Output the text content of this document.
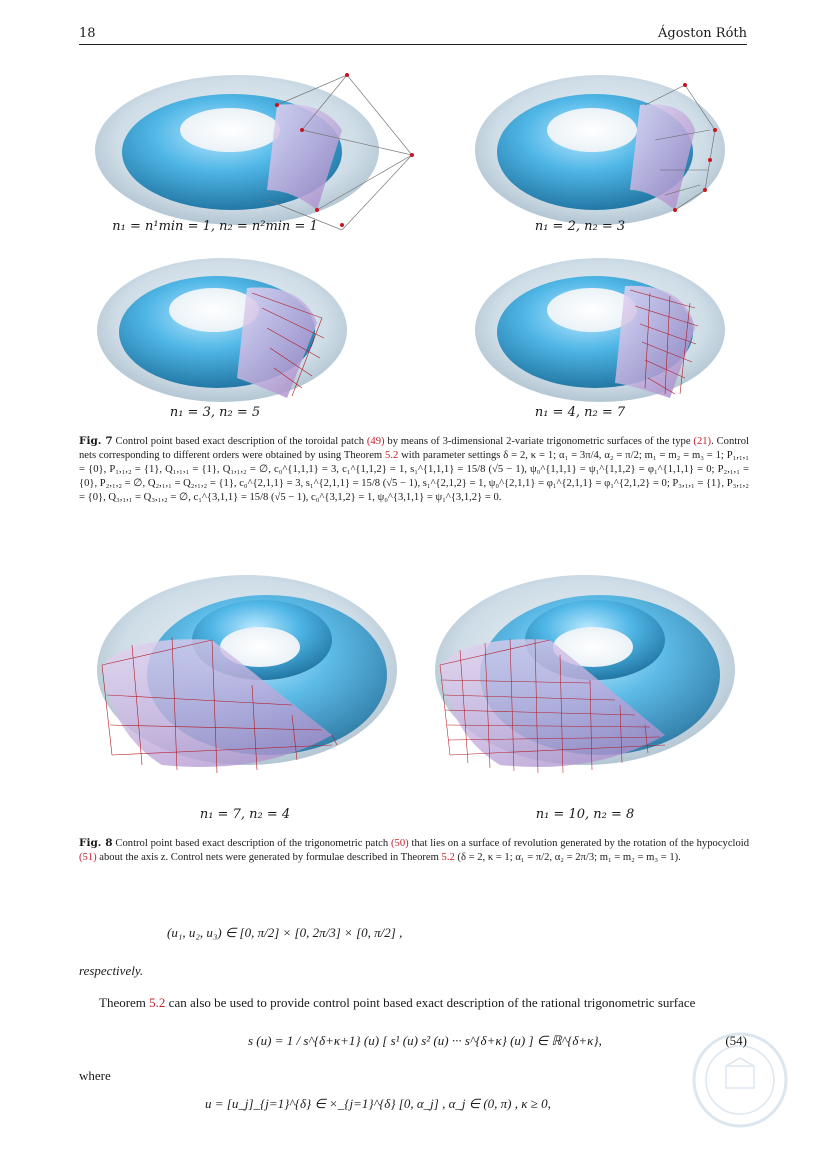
18	Ágoston Róth
n₁ = n¹min = 1, n₂ = n²min = 1	n₁ = 2, n₂ = 3
n₁ = 3, n₂ = 5	n₁ = 4, n₂ = 7
Fig. 7 Control point based exact description of the toroidal patch (49) by means of 3-dimensional 2-variate trigonometric surfaces of the type (21). Control nets corresponding to different orders were obtained by using Theorem 5.2 with parameter settings δ = 2, κ = 1; α₁ = 3π/4, α₂ = π/2; m₁ = m₂ = m₃ = 1; P₁,₁,₁ = {0}, P₁,₁,₂ = {1}, Q₁,₁,₁ = {1}, Q₁,₁,₂ = ∅, c₀^{1,1,1} = 3, c₁^{1,1,2} = 1, s₁^{1,1,1} = 15/8 (√5 − 1), ψ₀^{1,1,1} = ψ₁^{1,1,2} = φ₁^{1,1,1} = 0; P₂,₁,₁ = {0}, P₂,₁,₂ = ∅, Q₂,₁,₁ = Q₂,₁,₂ = {1}, c₀^{2,1,1} = 3, s₁^{2,1,1} = 15/8 (√5 − 1), s₁^{2,1,2} = 1, ψ₀^{2,1,1} = φ₁^{2,1,1} = φ₁^{2,1,2} = 0; P₃,₁,₁ = {1}, P₃,₁,₂ = {0}, Q₃,₁,₁ = Q₃,₁,₂ = ∅, c₁^{3,1,1} = 15/8 (√5 − 1), c₀^{3,1,2} = 1, ψ₀^{3,1,1} = ψ₁^{3,1,2} = 0.
n₁ = 7, n₂ = 4	n₁ = 10, n₂ = 8
Fig. 8 Control point based exact description of the trigonometric patch (50) that lies on a surface of revolution generated by the rotation of the hypocycloid (51) about the axis z. Control nets were generated by formulae described in Theorem 5.2 (δ = 2, κ = 1; α₁ = π/2, α₂ = 2π/3; m₁ = m₂ = m₃ = 1).
(u₁, u₂, u₃) ∈ [0, π/2] × [0, 2π/3] × [0, π/2] ,
respectively.
Theorem 5.2 can also be used to provide control point based exact description of the rational trigonometric surface
s (u) = 1 / s^{δ+κ+1} (u) [ s¹ (u) s² (u) ··· s^{δ+κ} (u) ] ∈ ℝ^{δ+κ},	(54)
where
u = [u_j]_{j=1}^{δ} ∈ ×_{j=1}^{δ} [0, α_j] , α_j ∈ (0, π) , κ ≥ 0,
